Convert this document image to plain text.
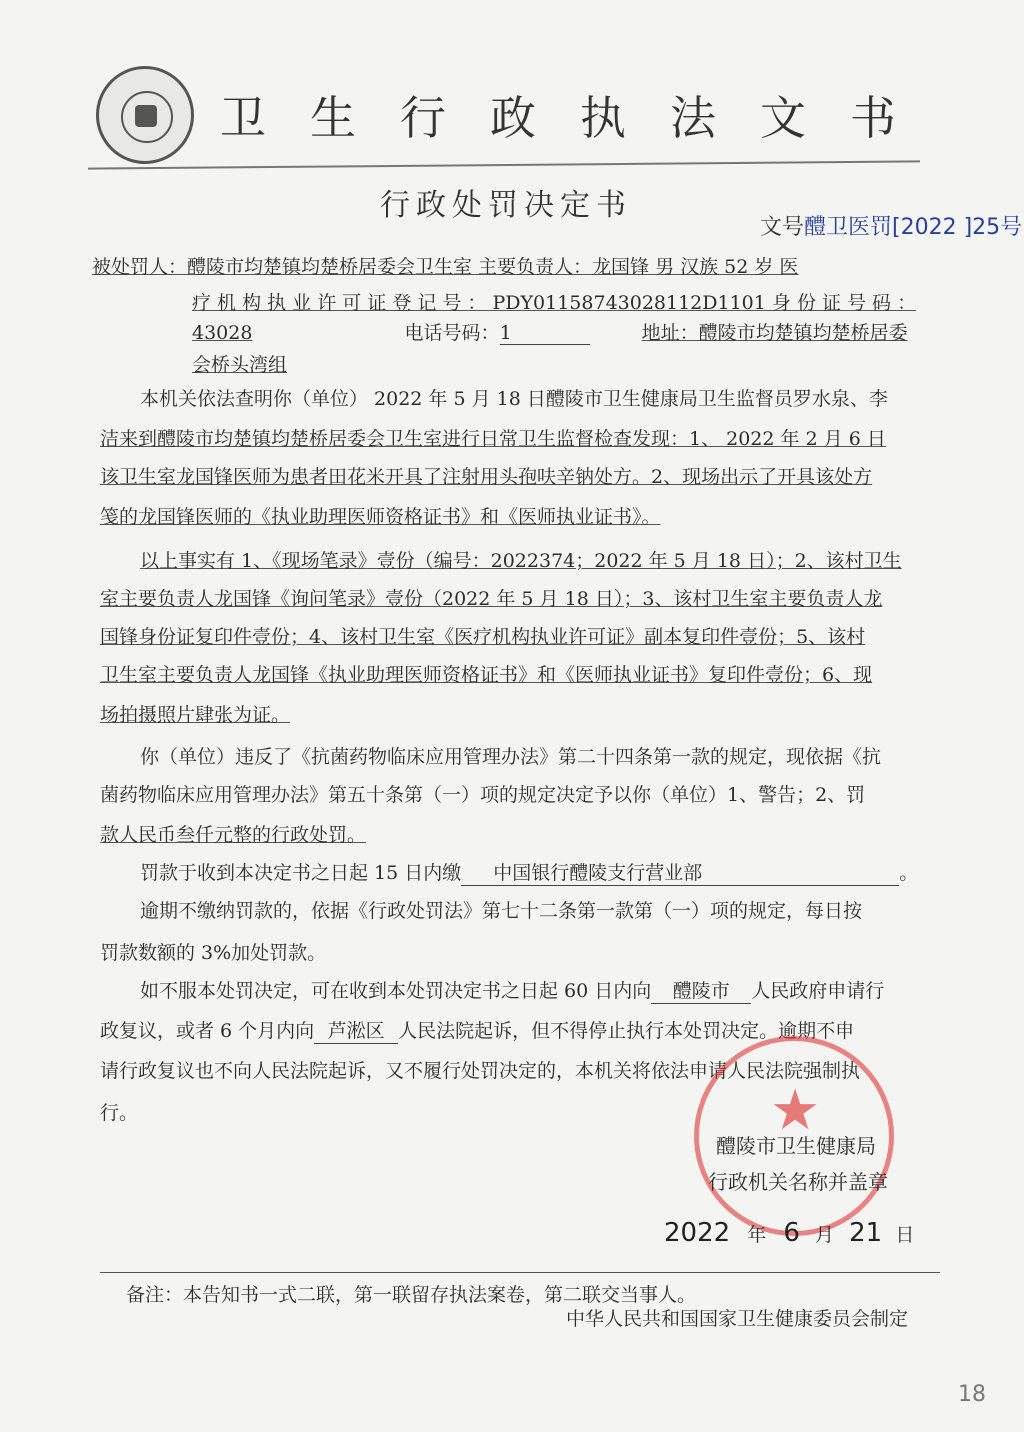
卫生行政执法文书
行政处罚决定书
文号醴卫医罚[2022 ]25号
被处罚人：醴陵市均楚镇均楚桥居委会卫生室 主要负责人：龙国锋 男 汉族 52 岁 医
疗 机 构 执 业 许 可 证 登 记 号 ： PDY01158743028112D1101 身 份 证 号 码 ：
43028	电话号码：1	地址：醴陵市均楚镇均楚桥居委
会桥头湾组
本机关依法查明你（单位） 2022 年 5 月 18 日醴陵市卫生健康局卫生监督员罗水泉、李
洁来到醴陵市均楚镇均楚桥居委会卫生室进行日常卫生监督检查发现：1、 2022 年 2 月 6 日
该卫生室龙国锋医师为患者田花米开具了注射用头孢呋辛钠处方。2、现场出示了开具该处方
笺的龙国锋医师的《执业助理医师资格证书》和《医师执业证书》。
以上事实有 1、《现场笔录》壹份（编号：2022374；2022 年 5 月 18 日）；2、该村卫生
室主要负责人龙国锋《询问笔录》壹份（2022 年 5 月 18 日）；3、该村卫生室主要负责人龙
国锋身份证复印件壹份；4、该村卫生室《医疗机构执业许可证》副本复印件壹份；5、该村
卫生室主要负责人龙国锋《执业助理医师资格证书》和《医师执业证书》复印件壹份；6、现
场拍摄照片肆张为证。
你（单位）违反了《抗菌药物临床应用管理办法》第二十四条第一款的规定，现依据《抗
菌药物临床应用管理办法》第五十条第（一）项的规定决定予以你（单位）1、警告；2、罚
款人民币叁仟元整的行政处罚。
罚款于收到本决定书之日起 15 日内缴 中国银行醴陵支行营业部	。
逾期不缴纳罚款的，依据《行政处罚法》第七十二条第一款第（一）项的规定，每日按
罚款数额的 3%加处罚款。
如不服本处罚决定，可在收到本处罚决定书之日起 60 日内向 醴陵市 人民政府申请行
政复议，或者 6 个月内向 芦淞区 人民法院起诉，但不得停止执行本处罚决定。逾期不申
请行政复议也不向人民法院起诉，又不履行处罚决定的，本机关将依法申请人民法院强制执
行。	★
醴陵市卫生健康局
行政机关名称并盖章
2022 年 6 月 21 日
备注：本告知书一式二联，第一联留存执法案卷，第二联交当事人。
中华人民共和国国家卫生健康委员会制定
18
